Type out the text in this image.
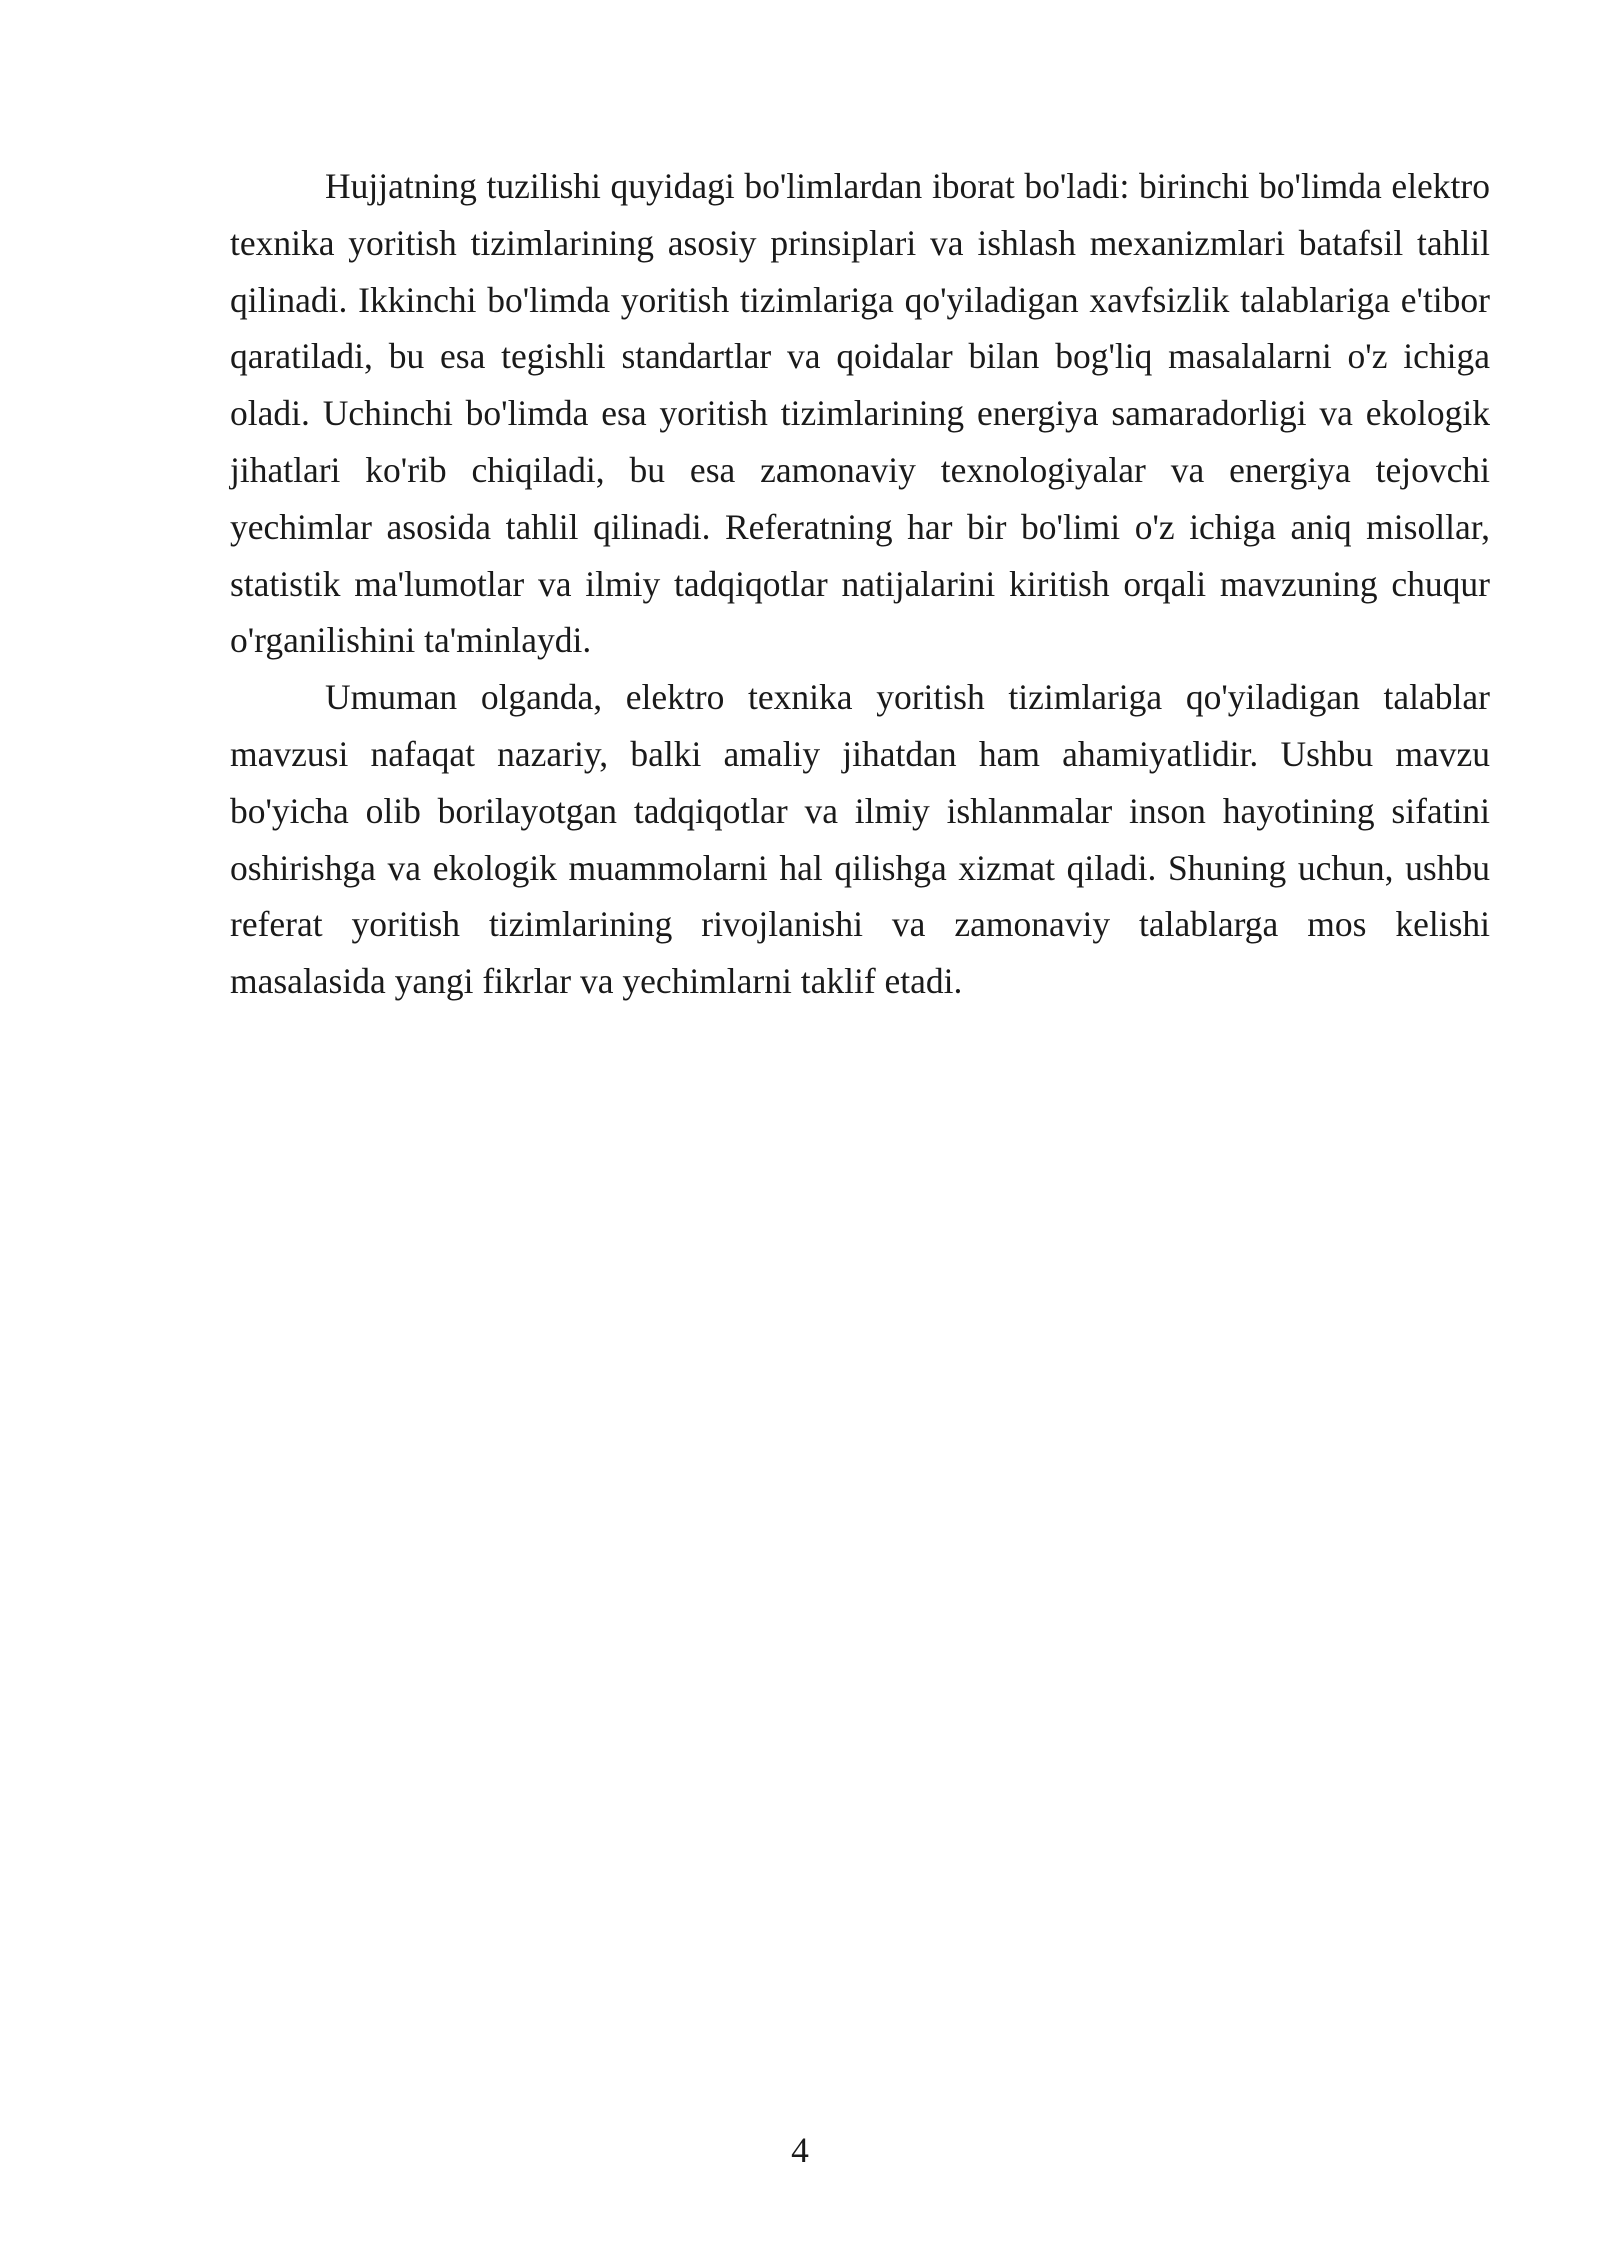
Hujjatning tuzilishi quyidagi bo'limlardan iborat bo'ladi: birinchi bo'limda elektro texnika yoritish tizimlarining asosiy prinsiplari va ishlash mexanizmlari batafsil tahlil qilinadi. Ikkinchi bo'limda yoritish tizimlariga qo'yiladigan xavfsizlik talablariga e'tibor qaratiladi, bu esa tegishli standartlar va qoidalar bilan bog'liq masalalarni o'z ichiga oladi. Uchinchi bo'limda esa yoritish tizimlarining energiya samaradorligi va ekologik jihatlari ko'rib chiqiladi, bu esa zamonaviy texnologiyalar va energiya tejovchi yechimlar asosida tahlil qilinadi. Referatning har bir bo'limi o'z ichiga aniq misollar, statistik ma'lumotlar va ilmiy tadqiqotlar natijalarini kiritish orqali mavzuning chuqur o'rganilishini ta'minlaydi.

Umuman olganda, elektro texnika yoritish tizimlariga qo'yiladigan talablar mavzusi nafaqat nazariy, balki amaliy jihatdan ham ahamiyatlidir. Ushbu mavzu bo'yicha olib borilayotgan tadqiqotlar va ilmiy ishlanmalar inson hayotining sifatini oshirishga va ekologik muammolarni hal qilishga xizmat qiladi. Shuning uchun, ushbu referat yoritish tizimlarining rivojlanishi va zamonaviy talablarga mos kelishi masalasida yangi fikrlar va yechimlarni taklif etadi.

4
